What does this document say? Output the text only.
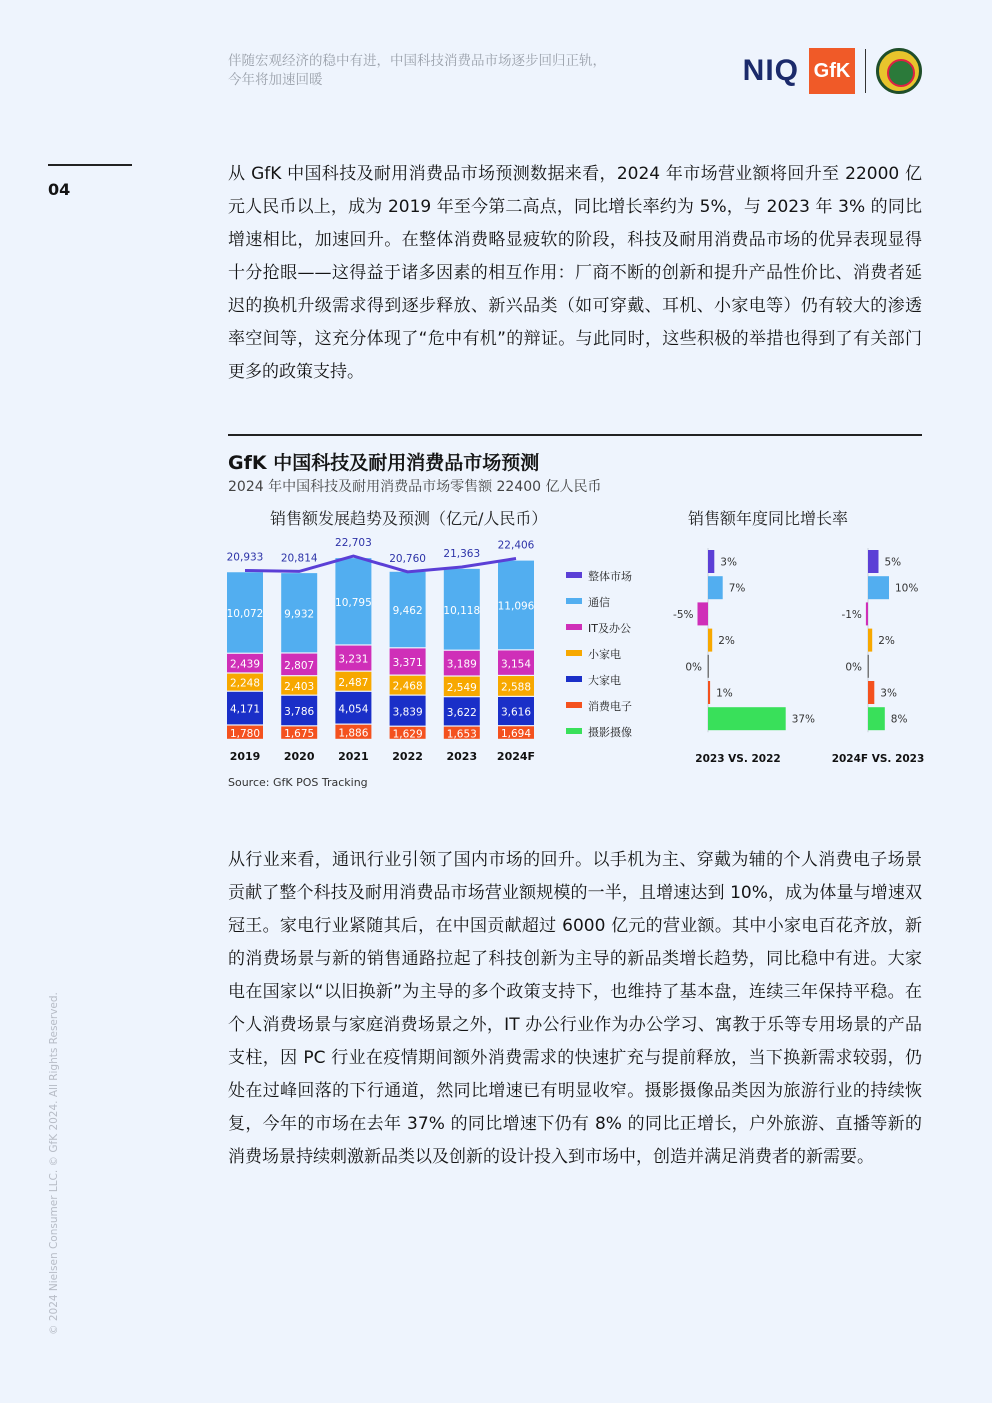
伴随宏观经济的稳中有进，中国科技消费品市场逐步回归正轨，
今年将加速回暖	NIQ GfK
04

从 GfK 中国科技及耐用消费品市场预测数据来看，2024 年市场营业额将回升至 22000 亿元人民币以上，成为 2019 年至今第二高点，同比增长率约为 5%，与 2023 年 3% 的同比增速相比，加速回升。在整体消费略显疲软的阶段，科技及耐用消费品市场的优异表现显得十分抢眼——这得益于诸多因素的相互作用：厂商不断的创新和提升产品性价比、消费者延迟的换机升级需求得到逐步释放、新兴品类（如可穿戴、耳机、小家电等）仍有较大的渗透率空间等，这充分体现了“危中有机”的辩证。与此同时，这些积极的举措也得到了有关部门更多的政策支持。

GfK 中国科技及耐用消费品市场预测
2024 年中国科技及耐用消费品市场零售额 22400 亿人民币
销售额发展趋势及预测（亿元/人民币）	销售额年度同比增长率
1,780
4,171
2,248
2,439
10,072
2019
1,675
3,786
2,403
2,807
9,932
2020
1,886
4,054
2,487
3,231
10,795
2021
1,629
3,839
2,468
3,371
9,462
2022
1,653
3,622
2,549
3,189
10,118
2023
1,694
3,616
2,588
3,154
11,096
2024F
20,933 20,814
22,703
20,760 21,363
22,406
整体市场
通信
IT及办公
小家电
大家电
消费电子
摄影摄像
3%
7%
-5%
2%
0%
1%
37%
2023 VS. 2022
5%
10%
-1%
2%
0%
3%
8%
2024F VS. 2023
Source: GfK POS Tracking

从行业来看，通讯行业引领了国内市场的回升。以手机为主、穿戴为辅的个人消费电子场景贡献了整个科技及耐用消费品市场营业额规模的一半，且增速达到 10%，成为体量与增速双冠王。家电行业紧随其后，在中国贡献超过 6000 亿元的营业额。其中小家电百花齐放，新的消费场景与新的销售通路拉起了科技创新为主导的新品类增长趋势，同比稳中有进。大家电在国家以“以旧换新”为主导的多个政策支持下，也维持了基本盘，连续三年保持平稳。在个人消费场景与家庭消费场景之外，IT 办公行业作为办公学习、寓教于乐等专用场景的产品支柱，因 PC 行业在疫情期间额外消费需求的快速扩充与提前释放，当下换新需求较弱，仍处在过峰回落的下行通道，然同比增速已有明显收窄。摄影摄像品类因为旅游行业的持续恢复，今年的市场在去年 37% 的同比增速下仍有 8% 的同比正增长，户外旅游、直播等新的消费场景持续刺激新品类以及创新的设计投入到市场中，创造并满足消费者的新需要。

© 2024 Nielsen Consumer LLC. © GfK 2024. All Rights Reserved.
